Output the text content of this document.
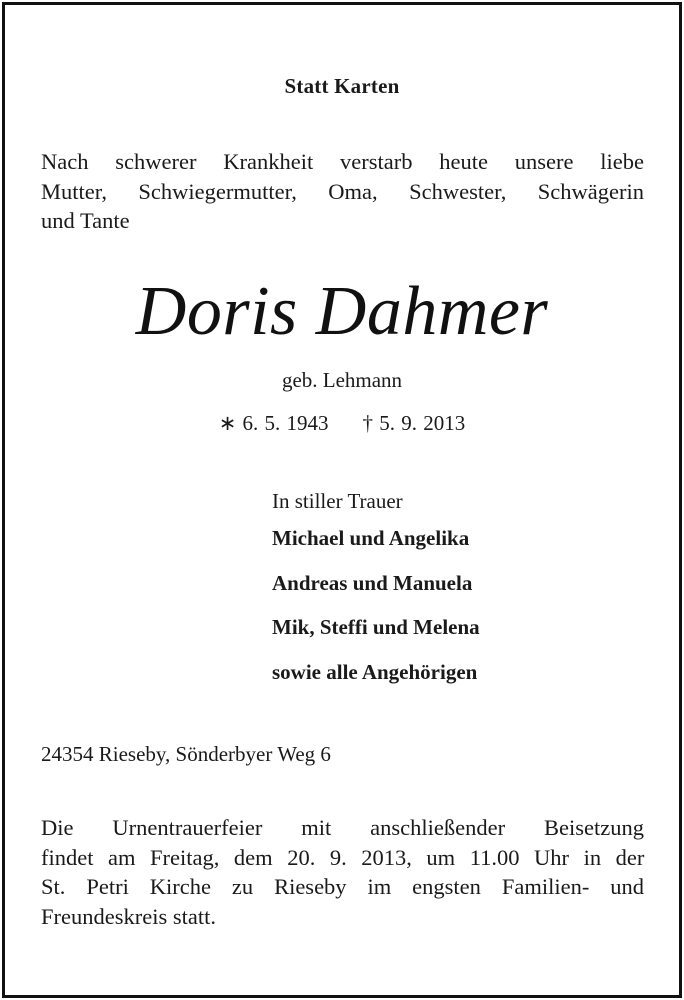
Statt Karten
Nach schwerer Krankheit verstarb heute unsere liebe
Mutter, Schwiegermutter, Oma, Schwester, Schwägerin
und Tante
Doris Dahmer
geb. Lehmann
∗ 6. 5. 1943 † 5. 9. 2013
In stiller Trauer
Michael und Angelika
Andreas und Manuela
Mik, Steffi und Melena
sowie alle Angehörigen
24354 Rieseby, Sönderbyer Weg 6
Die Urnentrauerfeier mit anschließender Beisetzung
findet am Freitag, dem 20. 9. 2013, um 11.00 Uhr in der
St. Petri Kirche zu Rieseby im engsten Familien- und
Freundeskreis statt.
